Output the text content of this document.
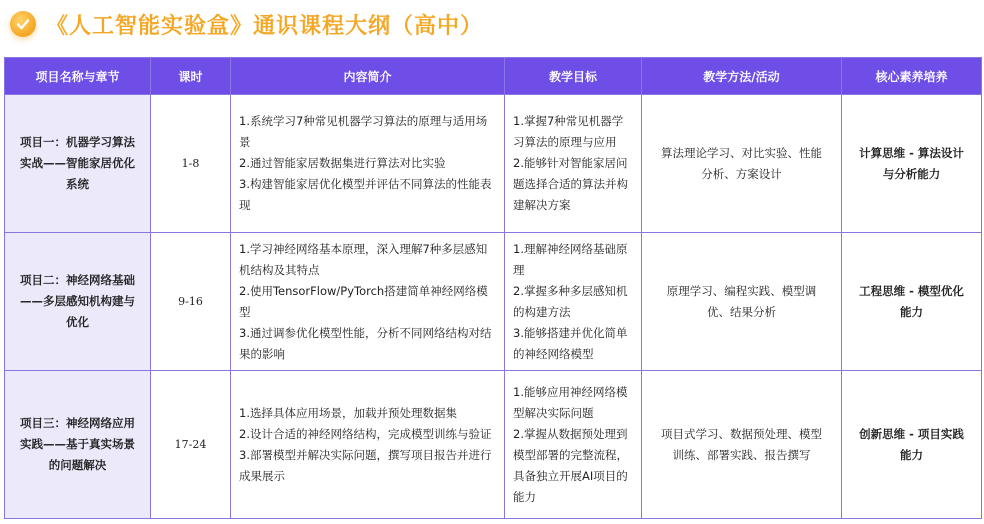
《人工智能实验盒》通识课程大纲（高中）
项目名称与章节	课时	内容简介	教学目标	教学方法/活动	核心素养培养
项目一：机器学习算法实战——智能家居优化系统	1-8	1.系统学习7种常见机器学习算法的原理与适用场景
2.通过智能家居数据集进行算法对比实验
3.构建智能家居优化模型并评估不同算法的性能表现	1.掌握7种常见机器学习算法的原理与应用
2.能够针对智能家居问题选择合适的算法并构建解决方案	算法理论学习、对比实验、性能分析、方案设计	计算思维 - 算法设计与分析能力
项目二：神经网络基础——多层感知机构建与优化	9-16	1.学习神经网络基本原理，深入理解7种多层感知机结构及其特点
2.使用TensorFlow/PyTorch搭建简单神经网络模型
3.通过调参优化模型性能，分析不同网络结构对结果的影响	1.理解神经网络基础原理
2.掌握多种多层感知机的构建方法
3.能够搭建并优化简单的神经网络模型	原理学习、编程实践、模型调优、结果分析	工程思维 - 模型优化能力
项目三：神经网络应用实践——基于真实场景的问题解决	17-24	1.选择具体应用场景，加载并预处理数据集
2.设计合适的神经网络结构，完成模型训练与验证
3.部署模型并解决实际问题，撰写项目报告并进行成果展示	1.能够应用神经网络模型解决实际问题
2.掌握从数据预处理到模型部署的完整流程，具备独立开展AI项目的能力	项目式学习、数据预处理、模型训练、部署实践、报告撰写	创新思维 - 项目实践能力
